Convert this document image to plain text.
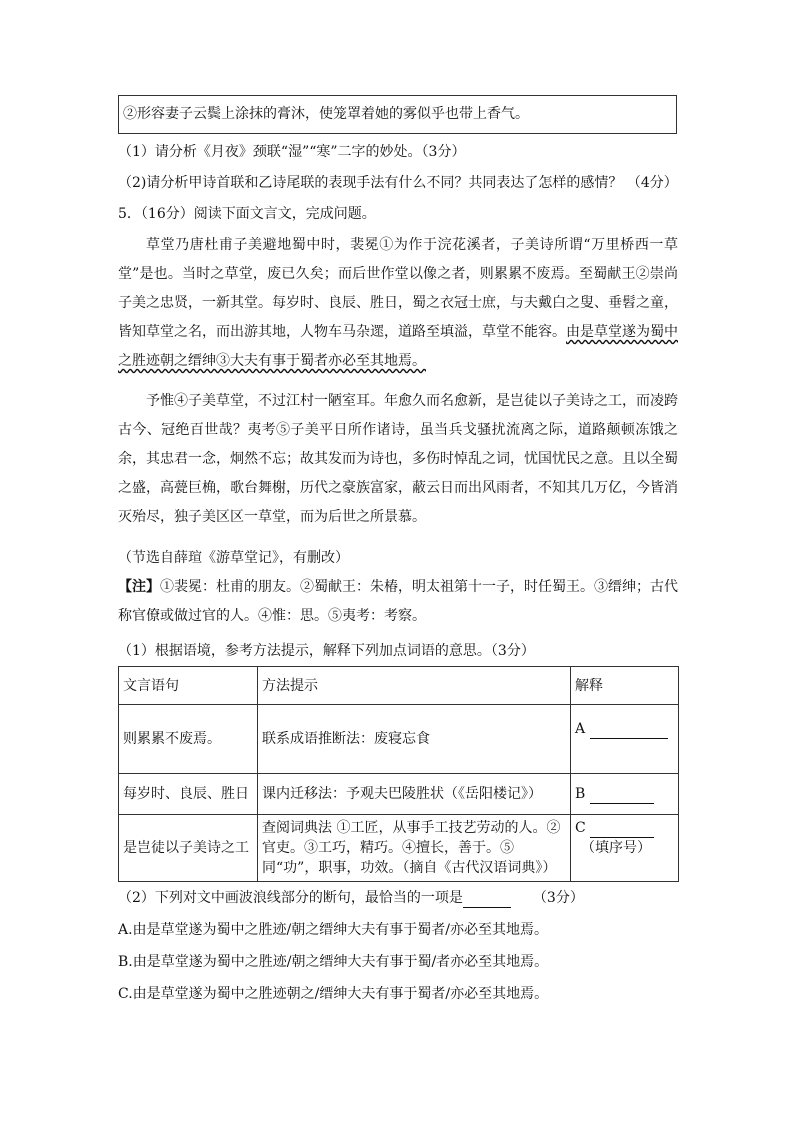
②形容妻子云鬓上涂抹的膏沐，使笼罩着她的雾似乎也带上香气。
（1）请分析《月夜》颈联“湿”“寒”二字的妙处。（3分）
（2)请分析甲诗首联和乙诗尾联的表现手法有什么不同？共同表达了怎样的感情？ （4分）
5．（16分）阅读下面文言文，完成问题。

草堂乃唐杜甫子美避地蜀中时，裴冕①为作于浣花溪者，子美诗所谓“万里桥西一草堂”是也。当时之草堂，废已久矣；而后世作堂以像之者，则累累不废焉。至蜀献王②崇尚子美之忠贤，一新其堂。每岁时、良辰、胜日，蜀之衣冠士庶，与夫戴白之叟、垂髫之童，皆知草堂之名，而出游其地，人物车马杂遝，道路至填溢，草堂不能容。由是草堂遂为蜀中之胜迹朝之缙绅③大夫有事于蜀者亦必至其地焉。

予惟④子美草堂，不过江村一陋室耳。年愈久而名愈新，是岂徒以子美诗之工，而凌跨古今、冠绝百世哉？夷考⑤子美平日所作诸诗，虽当兵戈骚扰流离之际，道路颠顿冻饿之余，其忠君一念，炯然不忘；故其发而为诗也，多伤时悼乱之词，忧国忧民之意。且以全蜀之盛，高甍巨桷，歌台舞榭，历代之豪族富家，蔽云日而出风雨者，不知其几万亿，今皆消灭殆尽，独子美区区一草堂，而为后世之所景慕。

（节选自薛瑄《游草堂记》，有删改）

【注】①裴冕：杜甫的朋友。②蜀献王：朱椿，明太祖第十一子，时任蜀王。③缙绅；古代称官僚或做过官的人。④惟：思。⑤夷考：考察。

（1）根据语境，参考方法提示，解释下列加点词语的意思。（3分）
文言语句	方法提示	解释
则累累不废焉。	联系成语推断法：废寝忘食	A
每岁时、良辰、胜日	课内迁移法：予观夫巴陵胜状（《岳阳楼记》）	B
是岂徒以子美诗之工	查阅词典法 ①工匠，从事手工技艺劳动的人。②官吏。③工巧，精巧。④擅长，善于。⑤同“功”，职事，功效。（摘自《古代汉语词典》）	C
（填序号）
（2）下列对文中画波浪线部分的断句，最恰当的一项是	（3分）
A.由是草堂遂为蜀中之胜迹/朝之缙绅大夫有事于蜀者/亦必至其地焉。
B.由是草堂遂为蜀中之胜迹/朝之缙绅大夫有事于蜀/者亦必至其地焉。
C.由是草堂遂为蜀中之胜迹朝之/缙绅大夫有事于蜀者/亦必至其地焉。
